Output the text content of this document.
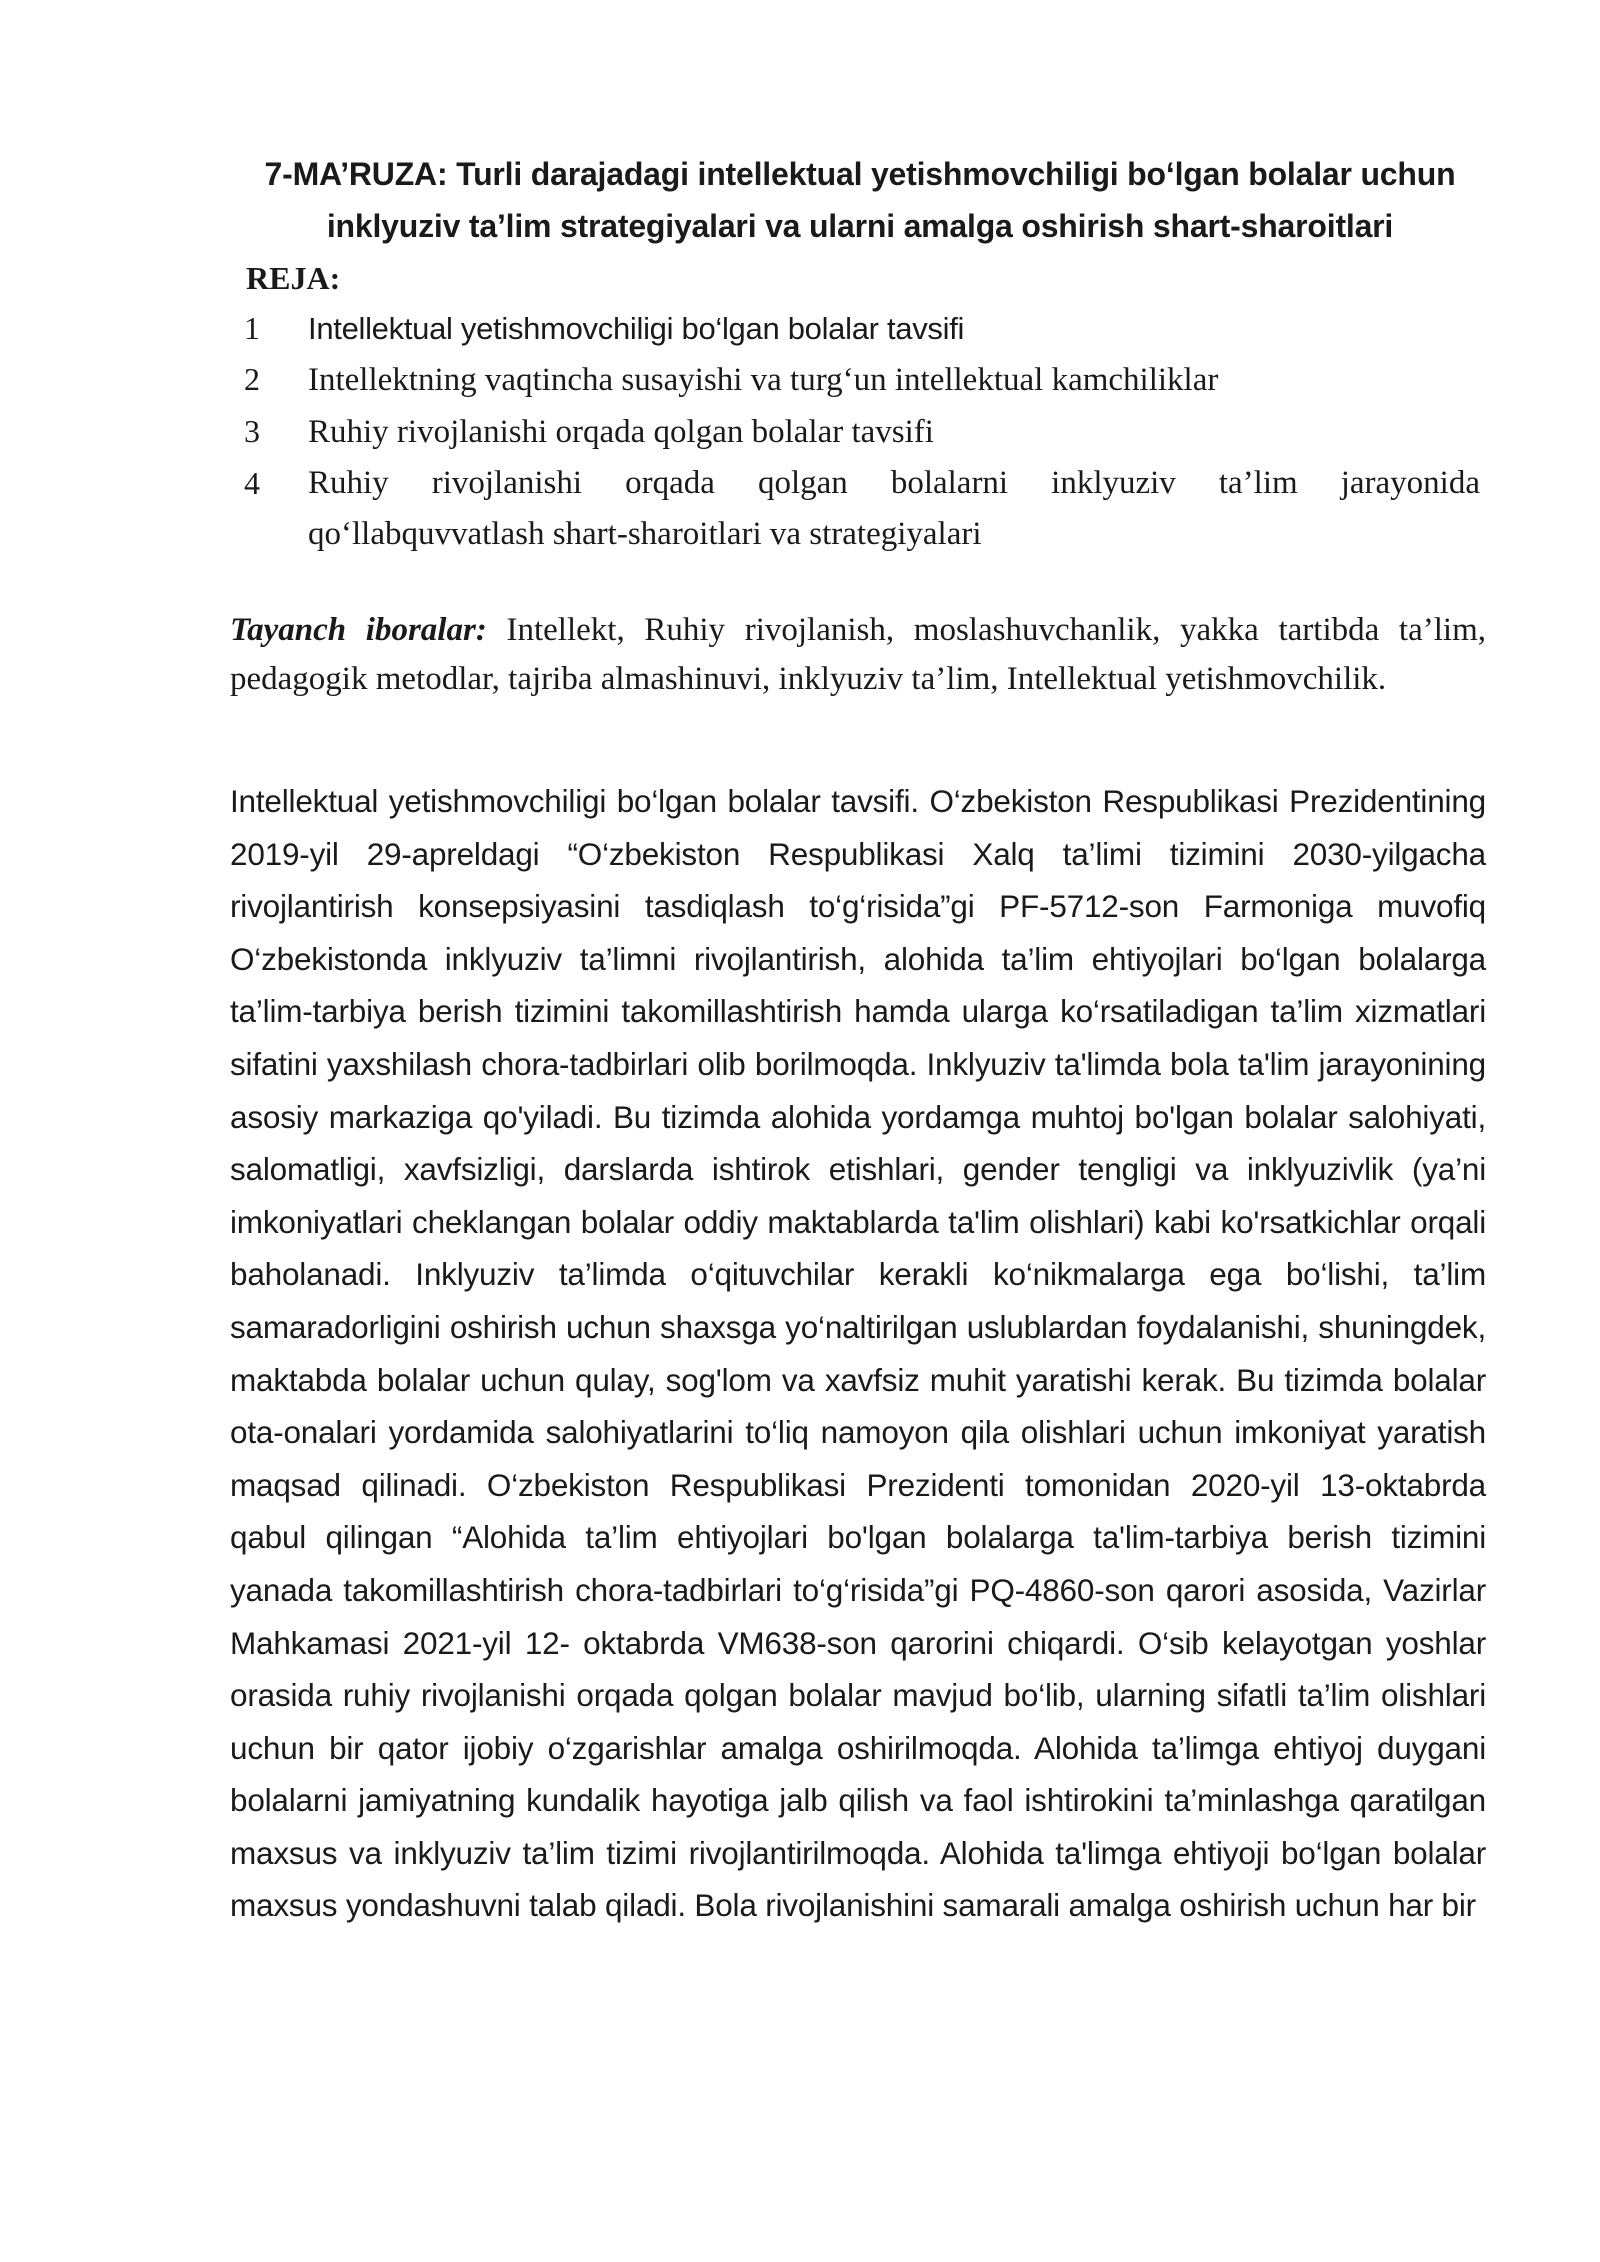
7-MA’RUZA: Turli darajadagi intellektual yetishmovchiligi bo‘lgan bolalar uchun inklyuziv ta’lim strategiyalari va ularni amalga oshirish shart-sharoitlari

REJA:

1 Intellektual yetishmovchiligi bo‘lgan bolalar tavsifi
2 Intellektning vaqtincha susayishi va turg‘un intellektual kamchiliklar
3 Ruhiy rivojlanishi orqada qolgan bolalar tavsifi
4 Ruhiy rivojlanishi orqada qolgan bolalarni inklyuziv ta’lim jarayonida qo‘llabquvvatlash shart-sharoitlari va strategiyalari

Tayanch iboralar: Intellekt, Ruhiy rivojlanish, moslashuvchanlik, yakka tartibda ta’lim, pedagogik metodlar, tajriba almashinuvi, inklyuziv ta’lim, Intellektual yetishmovchilik.

Intellektual yetishmovchiligi bo‘lgan bolalar tavsifi. O‘zbekiston Respublikasi Prezidentining 2019-yil 29-apreldagi “O‘zbekiston Respublikasi Xalq ta’limi tizimini 2030-yilgacha rivojlantirish konsepsiyasini tasdiqlash to‘g‘risida”gi PF-5712-son Farmoniga muvofiq O‘zbekistonda inklyuziv ta’limni rivojlantirish, alohida ta’lim ehtiyojlari bo‘lgan bolalarga ta’lim-tarbiya berish tizimini takomillashtirish hamda ularga ko‘rsatiladigan ta’lim xizmatlari sifatini yaxshilash chora-tadbirlari olib borilmoqda. Inklyuziv ta'limda bola ta'lim jarayonining asosiy markaziga qo'yiladi. Bu tizimda alohida yordamga muhtoj bo'lgan bolalar salohiyati, salomatligi, xavfsizligi, darslarda ishtirok etishlari, gender tengligi va inklyuzivlik (ya’ni imkoniyatlari cheklangan bolalar oddiy maktablarda ta'lim olishlari) kabi ko'rsatkichlar orqali baholanadi. Inklyuziv ta’limda o‘qituvchilar kerakli ko‘nikmalarga ega bo‘lishi, ta’lim samaradorligini oshirish uchun shaxsga yo‘naltirilgan uslublardan foydalanishi, shuningdek, maktabda bolalar uchun qulay, sog'lom va xavfsiz muhit yaratishi kerak. Bu tizimda bolalar ota-onalari yordamida salohiyatlarini to‘liq namoyon qila olishlari uchun imkoniyat yaratish maqsad qilinadi. O‘zbekiston Respublikasi Prezidenti tomonidan 2020-yil 13-oktabrda qabul qilingan “Alohida ta’lim ehtiyojlari bo'lgan bolalarga ta'lim-tarbiya berish tizimini yanada takomillashtirish chora-tadbirlari to‘g‘risida”gi PQ-4860-son qarori asosida, Vazirlar Mahkamasi 2021-yil 12- oktabrda VM638-son qarorini chiqardi. O‘sib kelayotgan yoshlar orasida ruhiy rivojlanishi orqada qolgan bolalar mavjud bo‘lib, ularning sifatli ta’lim olishlari uchun bir qator ijobiy o‘zgarishlar amalga oshirilmoqda. Alohida ta’limga ehtiyoj duygani bolalarni jamiyatning kundalik hayotiga jalb qilish va faol ishtirokini ta’minlashga qaratilgan maxsus va inklyuziv ta’lim tizimi rivojlantirilmoqda. Alohida ta'limga ehtiyoji bo‘lgan bolalar maxsus yondashuvni talab qiladi. Bola rivojlanishini samarali amalga oshirish uchun har bir
